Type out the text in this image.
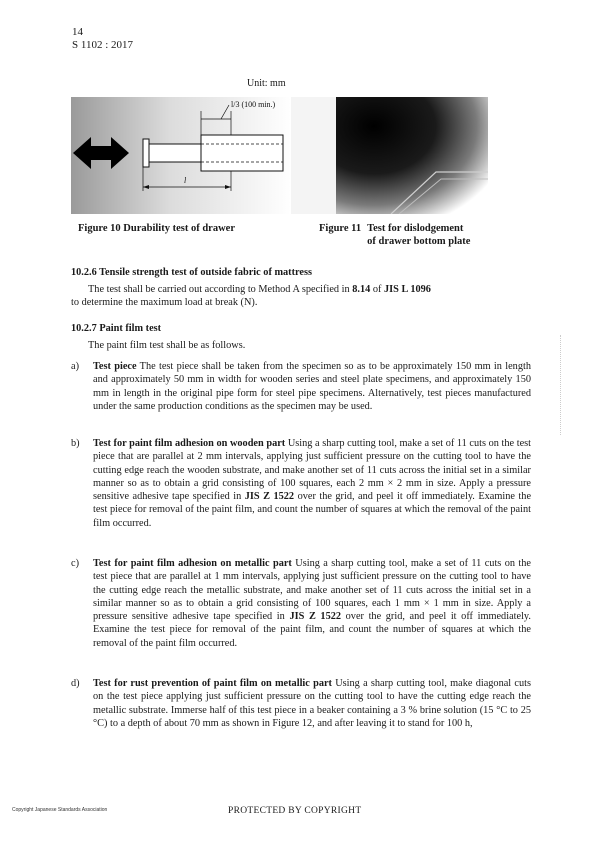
14
S 1102 : 2017
Unit: mm
l/3 (100 min.)
l
Figure 10 Durability test of drawer	Figure 11 Test for dislodgement
of drawer bottom plate
10.2.6 Tensile strength test of outside fabric of mattress
The test shall be carried out according to Method A specified in 8.14 of JIS L 1096
to determine the maximum load at break (N).
10.2.7 Paint film test
The paint film test shall be as follows.
a) Test piece The test piece shall be taken from the specimen so as to be approximately 150 mm in length and approximately 50 mm in width for wooden series and steel plate specimens, and approximately 150 mm in length in the original pipe form for steel pipe specimens. Alternatively, test pieces manufactured under the same production conditions as the specimen may be used.
b) Test for paint film adhesion on wooden part Using a sharp cutting tool, make a set of 11 cuts on the test piece that are parallel at 2 mm intervals, applying just sufficient pressure on the cutting tool to have the cutting edge reach the wooden substrate, and make another set of 11 cuts across the initial set in a similar manner so as to obtain a grid consisting of 100 squares, each 2 mm × 2 mm in size. Apply a pressure sensitive adhesive tape specified in JIS Z 1522 over the grid, and peel it off immediately. Examine the test piece for removal of the paint film, and count the number of squares at which the removal of the paint film occurred.
c) Test for paint film adhesion on metallic part Using a sharp cutting tool, make a set of 11 cuts on the test piece that are parallel at 1 mm intervals, applying just sufficient pressure on the cutting tool to have the cutting edge reach the metallic substrate, and make another set of 11 cuts across the initial set in a similar manner so as to obtain a grid consisting of 100 squares, each 1 mm × 1 mm in size. Apply a pressure sensitive adhesive tape specified in JIS Z 1522 over the grid, and peel it off immediately. Examine the test piece for removal of the paint film, and count the number of squares at which the removal of the paint film occurred.
d) Test for rust prevention of paint film on metallic part Using a sharp cutting tool, make diagonal cuts on the test piece applying just sufficient pressure on the cutting tool to have the cutting edge reach the metallic substrate. Immerse half of this test piece in a beaker containing a 3 % brine solution (15 °C to 25 °C) to a depth of about 70 mm as shown in Figure 12, and after leaving it to stand for 100 h,
Copyright Japanese Standards Association	PROTECTED BY COPYRIGHT
